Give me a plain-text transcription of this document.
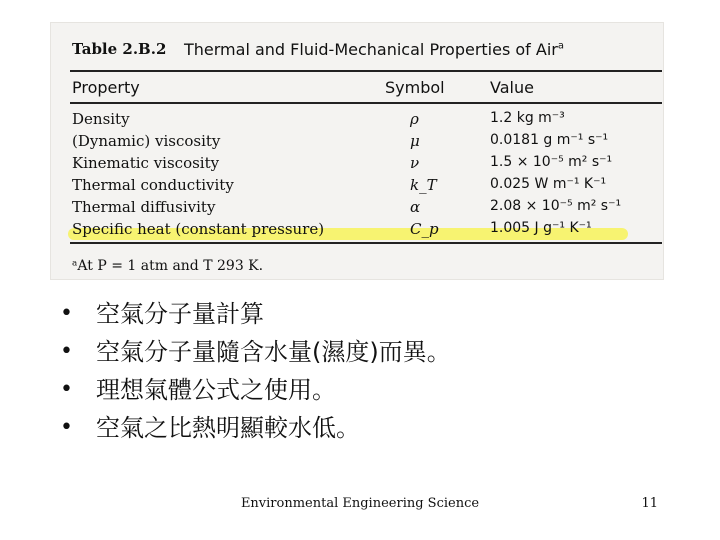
Table 2.B.2 Thermal and Fluid-Mechanical Properties of Air$^a$
Property	Symbol	Value
Density	ρ	1.2 kg m⁻³
(Dynamic) viscosity	μ	0.0181 g m⁻¹ s⁻¹
Kinematic viscosity	ν	1.5 × 10⁻⁵ m² s⁻¹
Thermal conductivity	k_T	0.025 W m⁻¹ K⁻¹
Thermal diffusivity	α	2.08 × 10⁻⁵ m² s⁻¹
Specific heat (constant pressure)	C_p	1.005 J g⁻¹ K⁻¹
ᵃAt P = 1 atm and T 293 K.
• 空氣分子量計算
• 空氣分子量隨含水量(濕度)而異。
• 理想氣體公式之使用。
• 空氣之比熱明顯較水低。
Environmental Engineering Science	11
